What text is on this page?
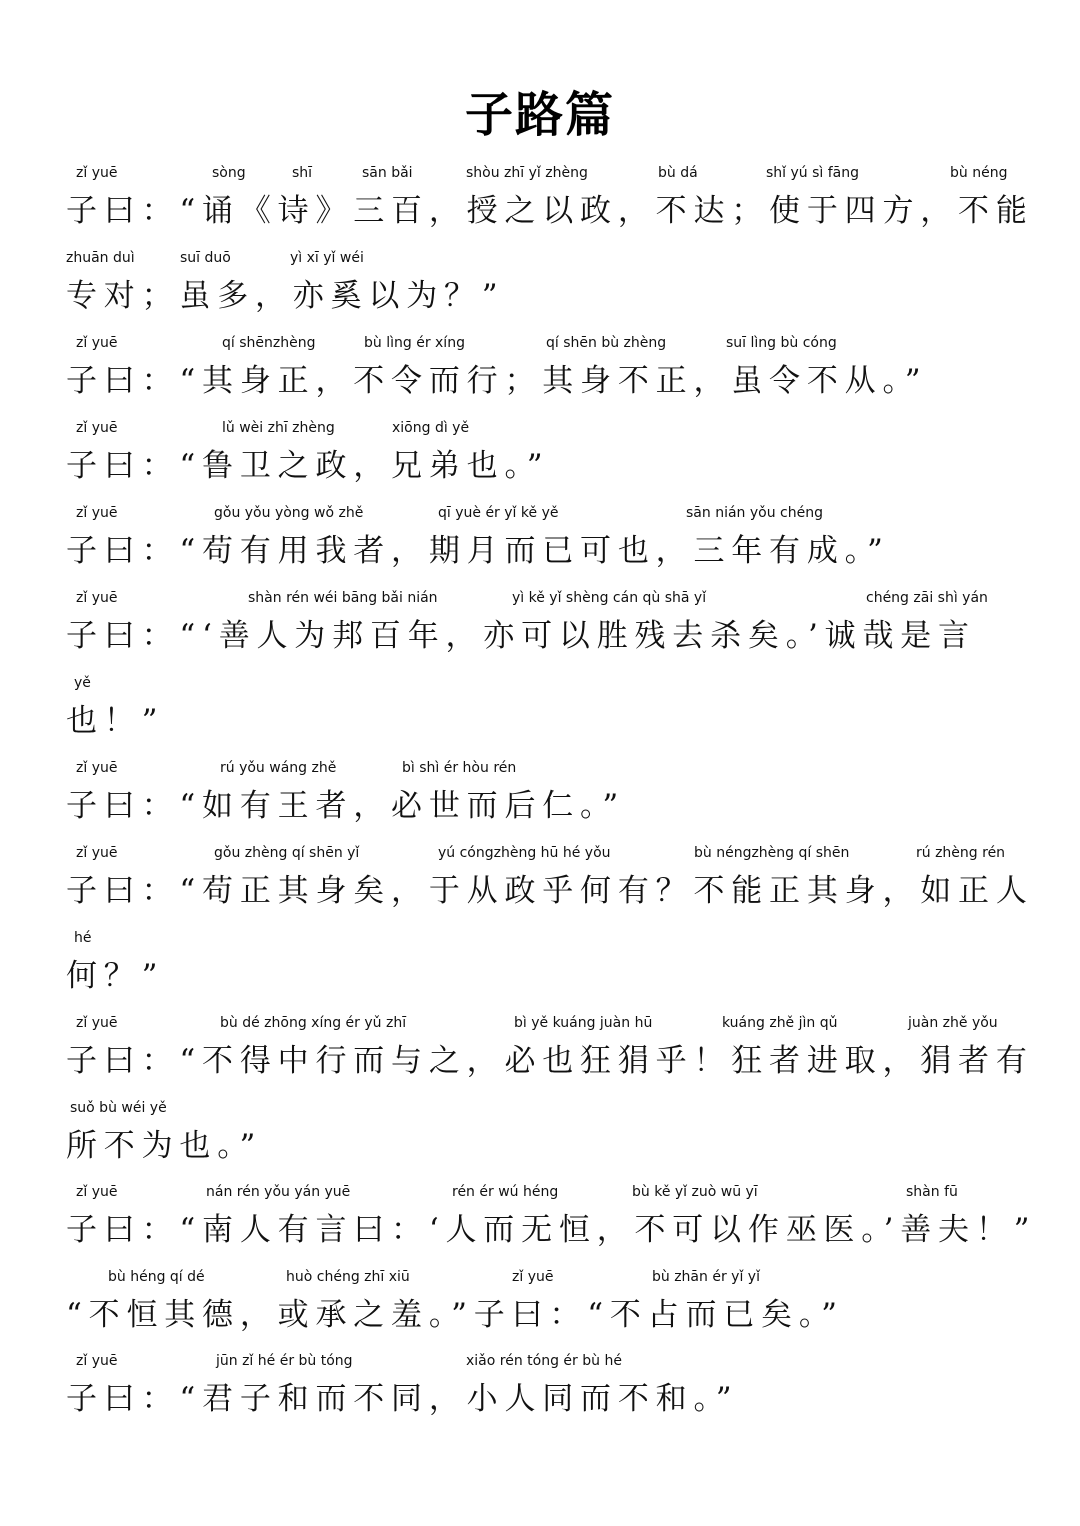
子路篇
zǐ yuē	sòng	shī	sān bǎi	shòu zhī yǐ zhèng	bù dá	shǐ yú sì fāng	bù néng
子曰：“诵《诗》三百，授之以政，不达；使于四方，不能
zhuān duì	suī duō	yì xī yǐ wéi
专对；虽多，亦奚以为？”
zǐ yuē	qí shēnzhèng	bù lìng ér xíng	qí shēn bù zhèng	suī lìng bù cóng
子曰：“其身正，不令而行；其身不正，虽令不从。”
zǐ yuē	lǔ wèi zhī zhèng	xiōng dì yě
子曰：“鲁卫之政，兄弟也。”
zǐ yuē	gǒu yǒu yòng wǒ zhě	qī yuè ér yǐ kě yě	sān nián yǒu chéng
子曰：“苟有用我者，期月而已可也，三年有成。”
zǐ yuē	shàn rén wéi bāng bǎi nián	yì kě yǐ shèng cán qù shā yǐ	chéng zāi shì yán
子曰：“‘善人为邦百年，亦可以胜残去杀矣。’诚哉是言
yě
也！”
zǐ yuē	rú yǒu wáng zhě	bì shì ér hòu rén
子曰：“如有王者，必世而后仁。”
zǐ yuē	gǒu zhèng qí shēn yǐ	yú cóngzhèng hū hé yǒu	bù néngzhèng qí shēn	rú zhèng rén
子曰：“苟正其身矣，于从政乎何有？不能正其身，如正人
hé
何？”
zǐ yuē	bù dé zhōng xíng ér yǔ zhī	bì yě kuáng juàn hū	kuáng zhě jìn qǔ	juàn zhě yǒu
子曰：“不得中行而与之，必也狂狷乎！狂者进取，狷者有
suǒ bù wéi yě
所不为也。”
zǐ yuē	nán rén yǒu yán yuē	rén ér wú héng	bù kě yǐ zuò wū yī	shàn fū
子曰：“南人有言曰：‘人而无恒，不可以作巫医。’善夫！”
bù héng qí dé	huò chéng zhī xiū	zǐ yuē	bù zhān ér yǐ yǐ
“不恒其德，或承之羞。”子曰：“不占而已矣。”
zǐ yuē	jūn zǐ hé ér bù tóng	xiǎo rén tóng ér bù hé
子曰：“君子和而不同，小人同而不和。”
